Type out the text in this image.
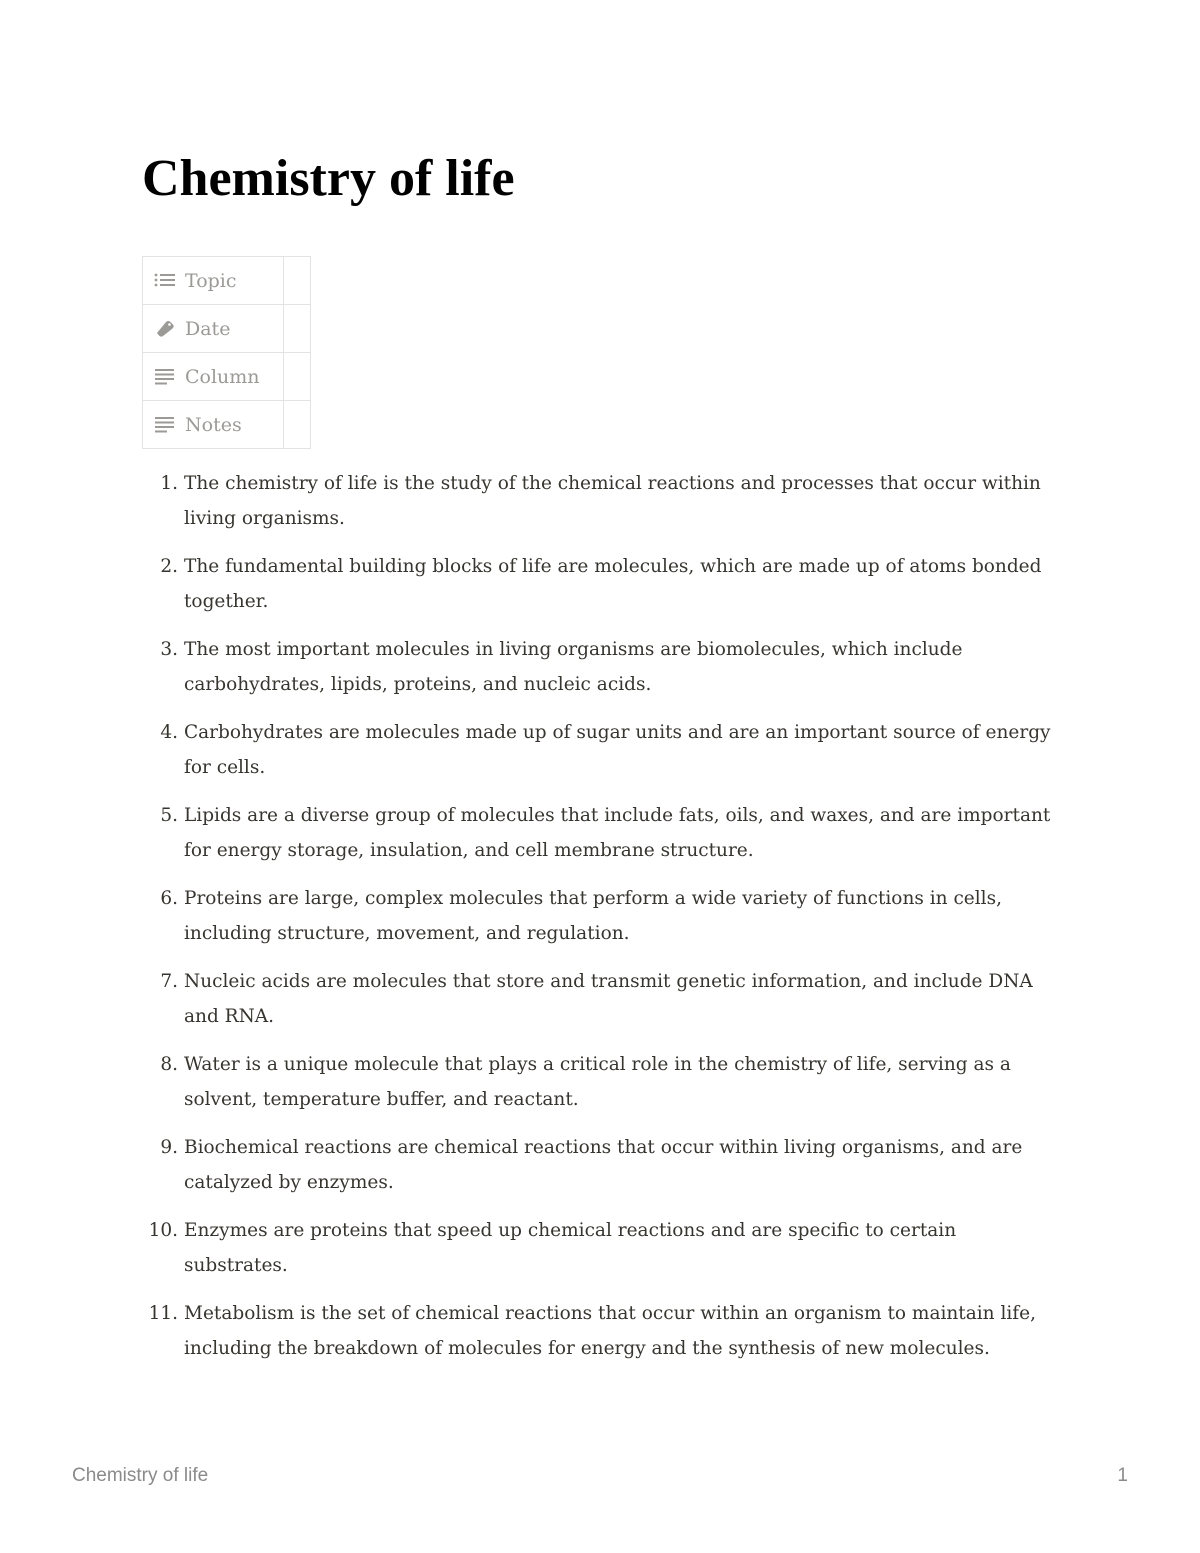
Chemistry of life
Topic	

Date	

Column	

Notes	
1. The chemistry of life is the study of the chemical reactions and processes that occur within living organisms.
2. The fundamental building blocks of life are molecules, which are made up of atoms bonded together.
3. The most important molecules in living organisms are biomolecules, which include carbohydrates, lipids, proteins, and nucleic acids.
4. Carbohydrates are molecules made up of sugar units and are an important source of energy for cells.
5. Lipids are a diverse group of molecules that include fats, oils, and waxes, and are important for energy storage, insulation, and cell membrane structure.
6. Proteins are large, complex molecules that perform a wide variety of functions in cells, including structure, movement, and regulation.
7. Nucleic acids are molecules that store and transmit genetic information, and include DNA and RNA.
8. Water is a unique molecule that plays a critical role in the chemistry of life, serving as a solvent, temperature buffer, and reactant.
9. Biochemical reactions are chemical reactions that occur within living organisms, and are catalyzed by enzymes.
10. Enzymes are proteins that speed up chemical reactions and are specific to certain substrates.
11. Metabolism is the set of chemical reactions that occur within an organism to maintain life, including the breakdown of molecules for energy and the synthesis of new molecules.
Chemistry of life	1
